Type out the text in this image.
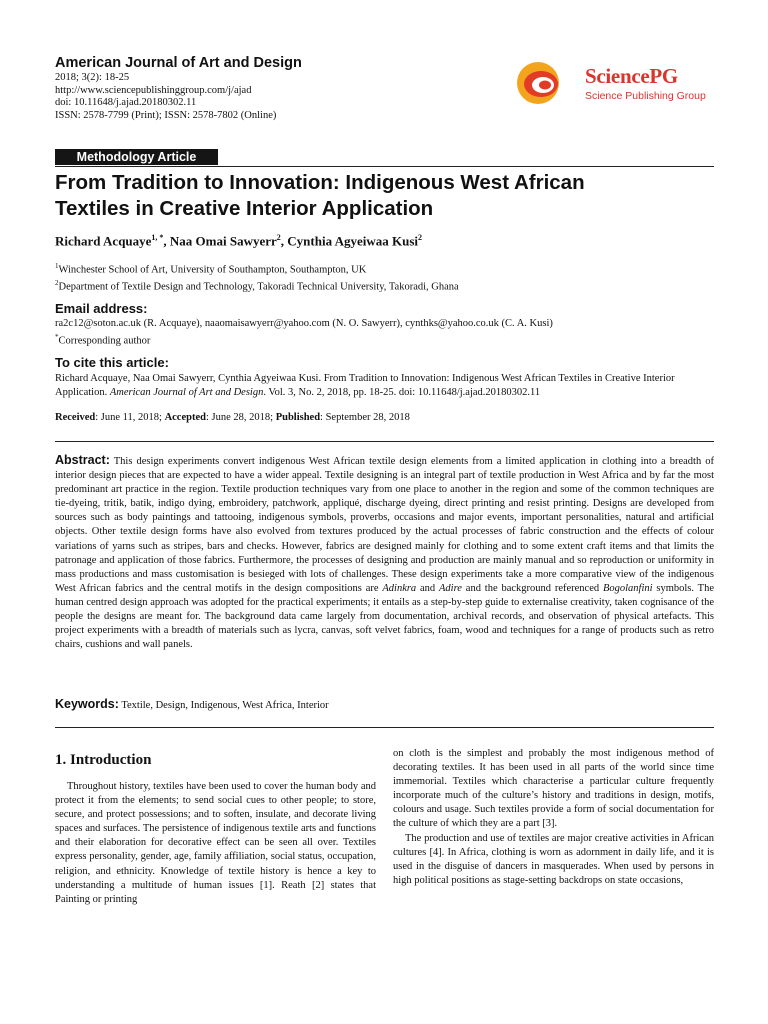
American Journal of Art and Design
2018; 3(2): 18-25
http://www.sciencepublishinggroup.com/j/ajad
doi: 10.11648/j.ajad.20180302.11
ISSN: 2578-7799 (Print); ISSN: 2578-7802 (Online)
SciencePG
Science Publishing Group
Methodology Article
From Tradition to Innovation: Indigenous West African
Textiles in Creative Interior Application
Richard Acquaye$^{1, *}$, Naa Omai Sawyerr$^2$, Cynthia Agyeiwaa Kusi$^2$
$^1$Winchester School of Art, University of Southampton, Southampton, UK
$^2$Department of Textile Design and Technology, Takoradi Technical University, Takoradi, Ghana
Email address:
ra2c12@soton.ac.uk (R. Acquaye), naaomaisawyerr@yahoo.com (N. O. Sawyerr), cynthks@yahoo.co.uk (C. A. Kusi)
*Corresponding author
To cite this article:
Richard Acquaye, Naa Omai Sawyerr, Cynthia Agyeiwaa Kusi. From Tradition to Innovation: Indigenous West African Textiles in Creative Interior Application. American Journal of Art and Design. Vol. 3, No. 2, 2018, pp. 18-25. doi: 10.11648/j.ajad.20180302.11
Received: June 11, 2018; Accepted: June 28, 2018; Published: September 28, 2018
Abstract: This design experiments convert indigenous West African textile design elements from a limited application in clothing into a breadth of interior design pieces that are expected to have a wider appeal. Textile designing is an integral part of textile production in West Africa and by far the most predominant art practice in the region. Textile production techniques vary from one place to another in the region and some of the common techniques are tie-dyeing, tritik, batik, indigo dying, embroidery, patchwork, appliqué, discharge dyeing, direct printing and resist printing. Designs are developed from sources such as body paintings and tattooing, indigenous symbols, proverbs, occasions and major events, important personalities, natural and artificial objects. Other textile design forms have also evolved from textures produced by the actual processes of fabric construction and the effects of colour variations of yarns such as stripes, bars and checks. However, fabrics are designed mainly for clothing and to some extent craft items and that limits the patronage and application of those fabrics. Furthermore, the processes of designing and production are mainly manual and so reproduction or uniformity in mass productions and mass customisation is besieged with lots of challenges. These design experiments take a more comparative view of the indigenous West African fabrics and the central motifs in the design compositions are Adinkra and Adire and the background referenced Bogolanfini symbols. The human centred design approach was adopted for the practical experiments; it entails as a step-by-step guide to externalise creativity, taken cognisance of the people the designs are meant for. The background data came largely from documentation, archival records, and observation of physical artefacts. This project experiments with a breadth of materials such as lycra, canvas, soft velvet fabrics, foam, wood and techniques for a range of products such as retro chairs, cushions and wall panels.
Keywords: Textile, Design, Indigenous, West Africa, Interior
1. Introduction

Throughout history, textiles have been used to cover the human body and protect it from the elements; to send social cues to other people; to store, secure, and protect possessions; and to soften, insulate, and decorate living spaces and surfaces. The persistence of indigenous textile arts and functions and their elaboration for decorative effect can be seen all over. Textiles express personality, gender, age, family affiliation, social status, occupation, religion, and ethnicity. Knowledge of textile history is hence a key to understanding a multitude of human issues [1]. Reath [2] states that Painting or printing

on cloth is the simplest and probably the most indigenous method of decorating textiles. It has been used in all parts of the world since time immemorial. Textiles which characterise a particular culture frequently incorporate much of the culture’s history and traditions in design, motifs, colours and usage. Such textiles provide a form of social documentation for the culture of which they are a part [3].

The production and use of textiles are major creative activities in African cultures [4]. In Africa, clothing is worn as adornment in daily life, and it is used in the disguise of dancers in masquerades. When used by persons in high political positions as stage-setting backdrops on state occasions,
